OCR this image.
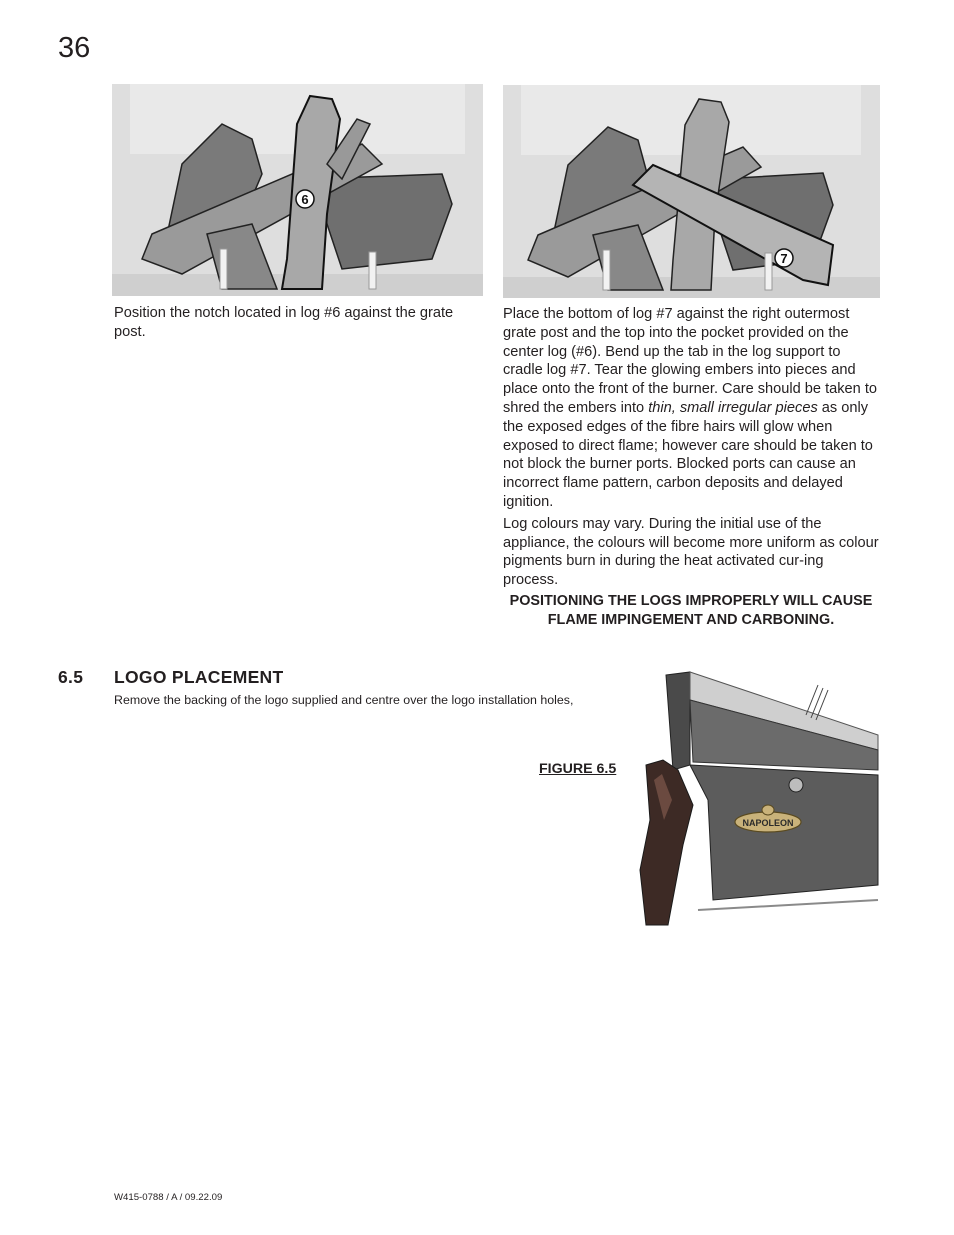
36
6
7

Position the notch located in log #6 against the grate post.

Place the bottom of log #7 against the right outermost grate post and the top into the pocket provided on the center log (#6). Bend up the tab in the log support to cradle log #7. Tear the glowing embers into pieces and place onto the front of the burner. Care should be taken to shred the embers into thin, small irregular pieces as only the exposed edges of the fibre hairs will glow when exposed to direct flame; however care should be taken to not block the burner ports. Blocked ports can cause an incorrect flame pattern, carbon deposits and delayed ignition.

Log colours may vary. During the initial use of the appliance, the colours will become more uniform as colour pigments burn in during the heat activated cur-ing process.

POSITIONING THE LOGS IMPROPERLY WILL CAUSE FLAME IMPINGEMENT AND CARBONING.
6.5 LOGO PLACEMENT
Remove the backing of the logo supplied and centre over the logo installation holes,
FIGURE 6.5
NAPOLEON
W415-0788 / A / 09.22.09
